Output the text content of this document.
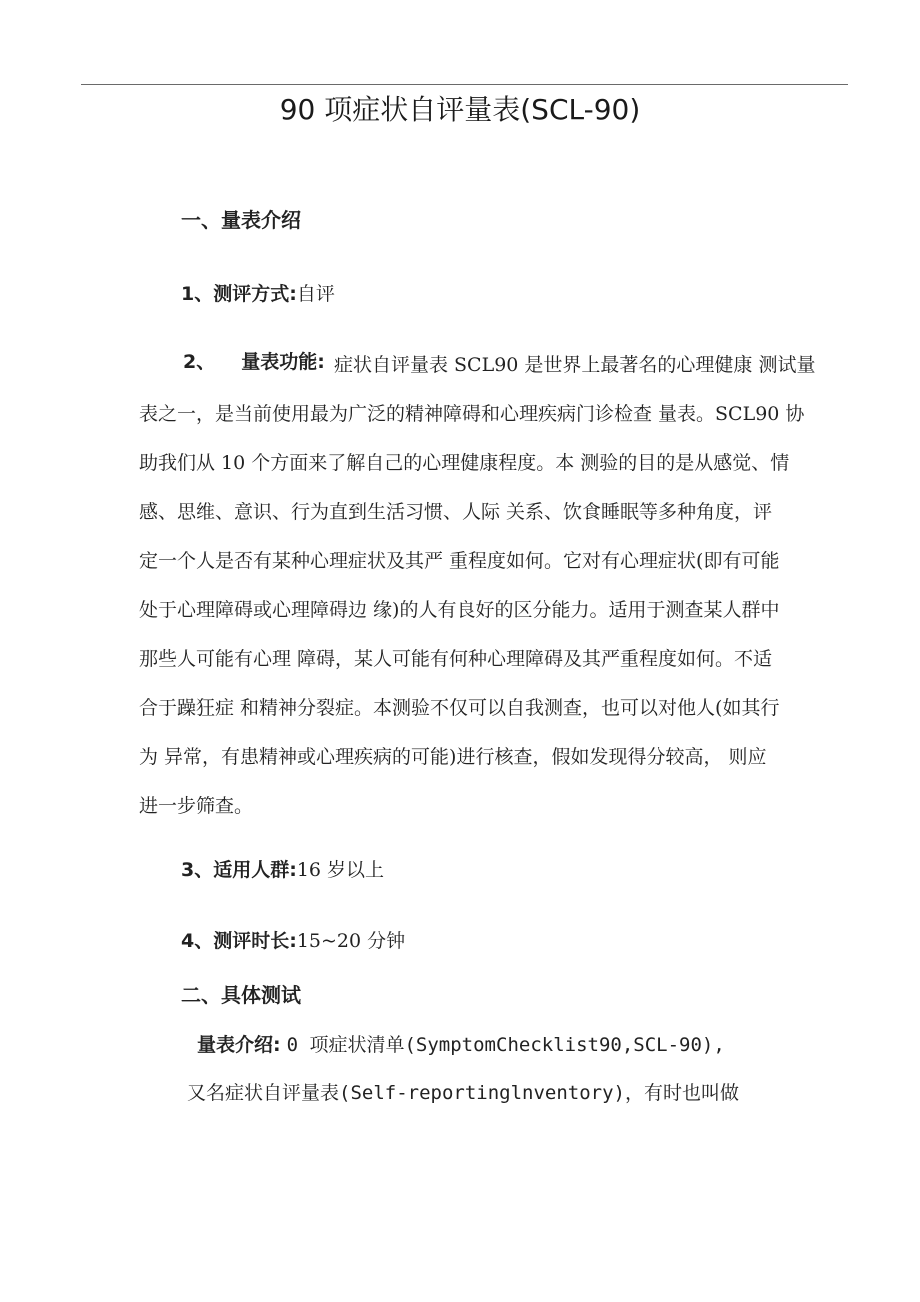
90 项症状自评量表(SCL-90)
一、量表介绍
1、测评方式:自评
2、 量表功能: 症状自评量表 SCL90 是世界上最著名的心理健康 测试量
表之一，是当前使用最为广泛的精神障碍和心理疾病门诊检查 量表。SCL90 协
助我们从 10 个方面来了解自己的心理健康程度。本 测验的目的是从感觉、情
感、思维、意识、行为直到生活习惯、人际 关系、饮食睡眠等多种角度，评
定一个人是否有某种心理症状及其严 重程度如何。它对有心理症状(即有可能
处于心理障碍或心理障碍边 缘)的人有良好的区分能力。适用于测查某人群中
那些人可能有心理 障碍，某人可能有何种心理障碍及其严重程度如何。不适
合于躁狂症 和精神分裂症。本测验不仅可以自我测查，也可以对他人(如其行
为 异常，有患精神或心理疾病的可能)进行核查，假如发现得分较高， 则应
进一步筛查。
3、适用人群:16 岁以上
4、测评时长:15~20 分钟
二、具体测试
量表介绍: 0 项症状清单(SymptomChecklist90,SCL-90),
又名症状自评量表(Self-reportinglnventory)，有时也叫做
